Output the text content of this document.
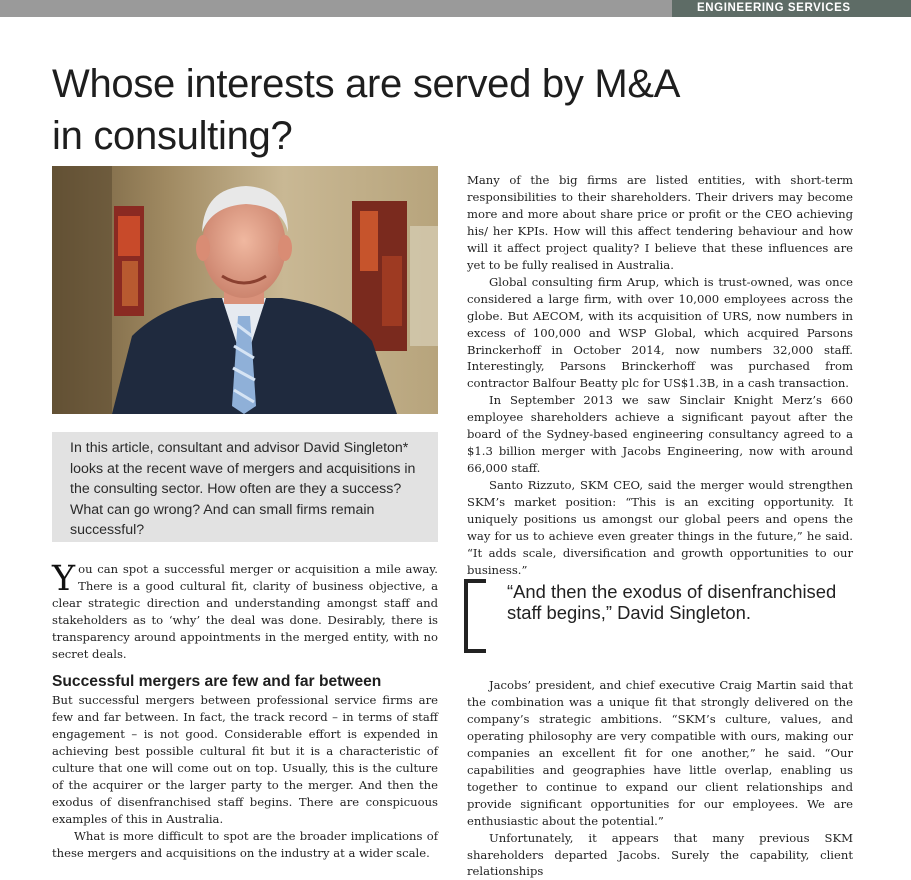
ENGINEERING SERVICES
Whose interests are served by M&A
in consulting?
In this article, consultant and advisor David Singleton* looks at the recent wave of mergers and acquisitions in the consulting sector. How often are they a success? What can go wrong? And can small firms remain successful?

You can spot a successful merger or acquisition a mile away. There is a good cultural fit, clarity of business objective, a clear strategic direction and understanding amongst staff and stakeholders as to ‘why’ the deal was done. Desirably, there is transparency around appointments in the merged entity, with no secret deals.

Successful mergers are few and far between

But successful mergers between professional service firms are few and far between. In fact, the track record – in terms of staff engagement – is not good. Considerable effort is expended in achieving best possible cultural fit but it is a characteristic of culture that one will come out on top. Usually, this is the culture of the acquirer or the larger party to the merger. And then the exodus of disenfranchised staff begins. There are conspicuous examples of this in Australia.

What is more difficult to spot are the broader implications of these mergers and acquisitions on the industry at a wider scale.

Many of the big firms are listed entities, with short-term responsibilities to their shareholders. Their drivers may become more and more about share price or profit or the CEO achieving his/ her KPIs. How will this affect tendering behaviour and how will it affect project quality? I believe that these influences are yet to be fully realised in Australia.

Global consulting firm Arup, which is trust-owned, was once considered a large firm, with over 10,000 employees across the globe. But AECOM, with its acquisition of URS, now numbers in excess of 100,000 and WSP Global, which acquired Parsons Brinckerhoff in October 2014, now numbers 32,000 staff. Interestingly, Parsons Brinckerhoff was purchased from contractor Balfour Beatty plc for US$1.3B, in a cash transaction.

In September 2013 we saw Sinclair Knight Merz’s 660 employee shareholders achieve a significant payout after the board of the Sydney-based engineering consultancy agreed to a $1.3 billion merger with Jacobs Engineering, now with around 66,000 staff.

Santo Rizzuto, SKM CEO, said the merger would strengthen SKM’s market position: “This is an exciting opportunity. It uniquely positions us amongst our global peers and opens the way for us to achieve even greater things in the future,” he said. “It adds scale, diversification and growth opportunities to our business.”

“And then the exodus of disenfranchised staff begins,” David Singleton.

Jacobs’ president, and chief executive Craig Martin said that the combination was a unique fit that strongly delivered on the company’s strategic ambitions. “SKM’s culture, values, and operating philosophy are very compatible with ours, making our companies an excellent fit for one another,” he said. “Our capabilities and geographies have little overlap, enabling us together to continue to expand our client relationships and provide significant opportunities for our employees. We are enthusiastic about the potential.”

Unfortunately, it appears that many previous SKM shareholders departed Jacobs. Surely the capability, client relationships
